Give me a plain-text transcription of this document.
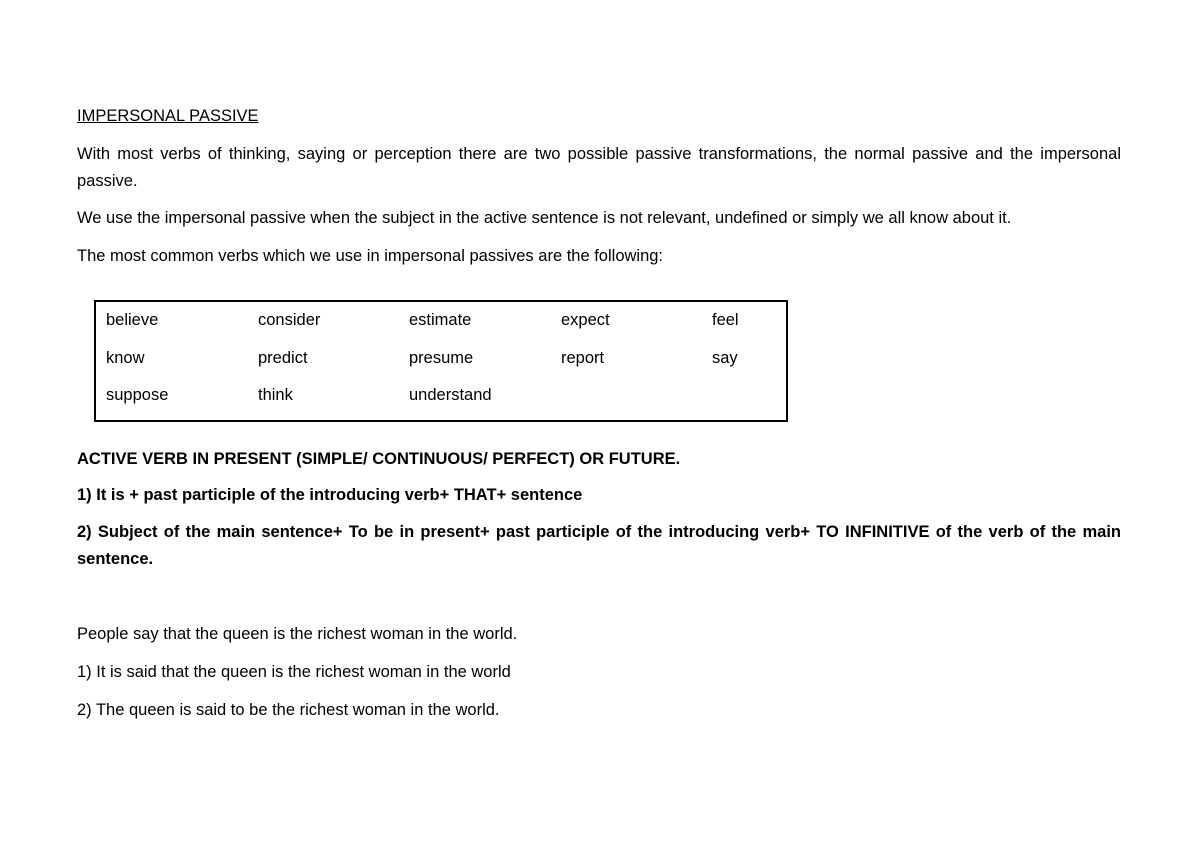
IMPERSONAL PASSIVE
With most verbs of thinking, saying or perception there are two possible passive transformations, the normal passive and the impersonal passive.
We use the impersonal passive when the subject in the active sentence is not relevant, undefined or simply we all know about it.
The most common verbs which we use in impersonal passives are the following:
believe	consider	estimate	expect	feel
know	predict	presume	report	say
suppose	think	understand
ACTIVE VERB IN PRESENT (SIMPLE/ CONTINUOUS/ PERFECT) OR FUTURE.
1) It is + past participle of the introducing verb+ THAT+ sentence
2) Subject of the main sentence+ To be in present+ past participle of the introducing verb+ TO INFINITIVE of the verb of the main sentence.
People say that the queen is the richest woman in the world.
1) It is said that the queen is the richest woman in the world
2) The queen is said to be the richest woman in the world.
